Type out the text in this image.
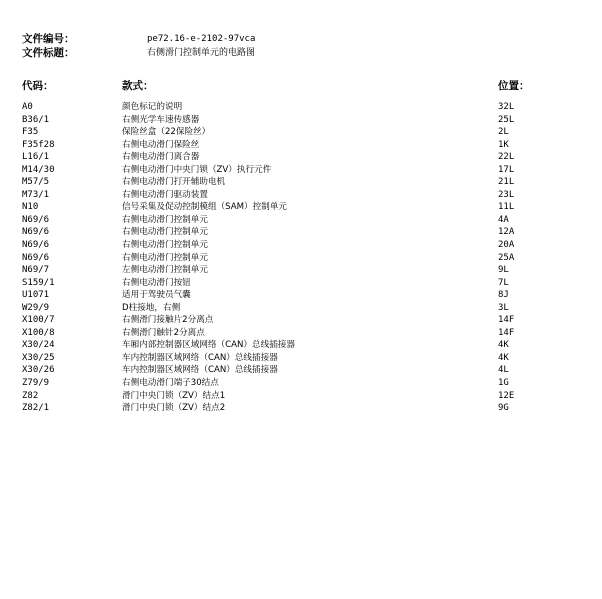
文件编号：	pe72.16-e-2102-97vca
文件标题：	右侧滑门控制单元的电路图
代码：	款式：	位置：
A0	颜色标记的说明	32L
B36/1	右侧光学车速传感器	25L
F35	保险丝盒（22保险丝）	2L
F35f28	右侧电动滑门保险丝	1K
L16/1	右侧电动滑门离合器	22L
M14/30	右侧电动滑门中央门锁（ZV）执行元件	17L
M57/5	右侧电动滑门打开辅助电机	21L
M73/1	右侧电动滑门驱动装置	23L
N10	信号采集及促动控制模组（SAM）控制单元	11L
N69/6	右侧电动滑门控制单元	4A
N69/6	右侧电动滑门控制单元	12A
N69/6	右侧电动滑门控制单元	20A
N69/6	右侧电动滑门控制单元	25A
N69/7	左侧电动滑门控制单元	9L
S159/1	右侧电动滑门按钮	7L
U1071	适用于驾驶员气囊	8J
W29/9	D柱接地，右侧	3L
X100/7	右侧滑门接触片2分离点	14F
X100/8	右侧滑门触针2分离点	14F
X30/24	车厢内部控制器区域网络（CAN）总线插接器	4K
X30/25	车内控制器区域网络（CAN）总线插接器	4K
X30/26	车内控制器区域网络（CAN）总线插接器	4L
Z79/9	右侧电动滑门端子30结点	1G
Z82	滑门中央门锁（ZV）结点1	12E
Z82/1	滑门中央门锁（ZV）结点2	9G
